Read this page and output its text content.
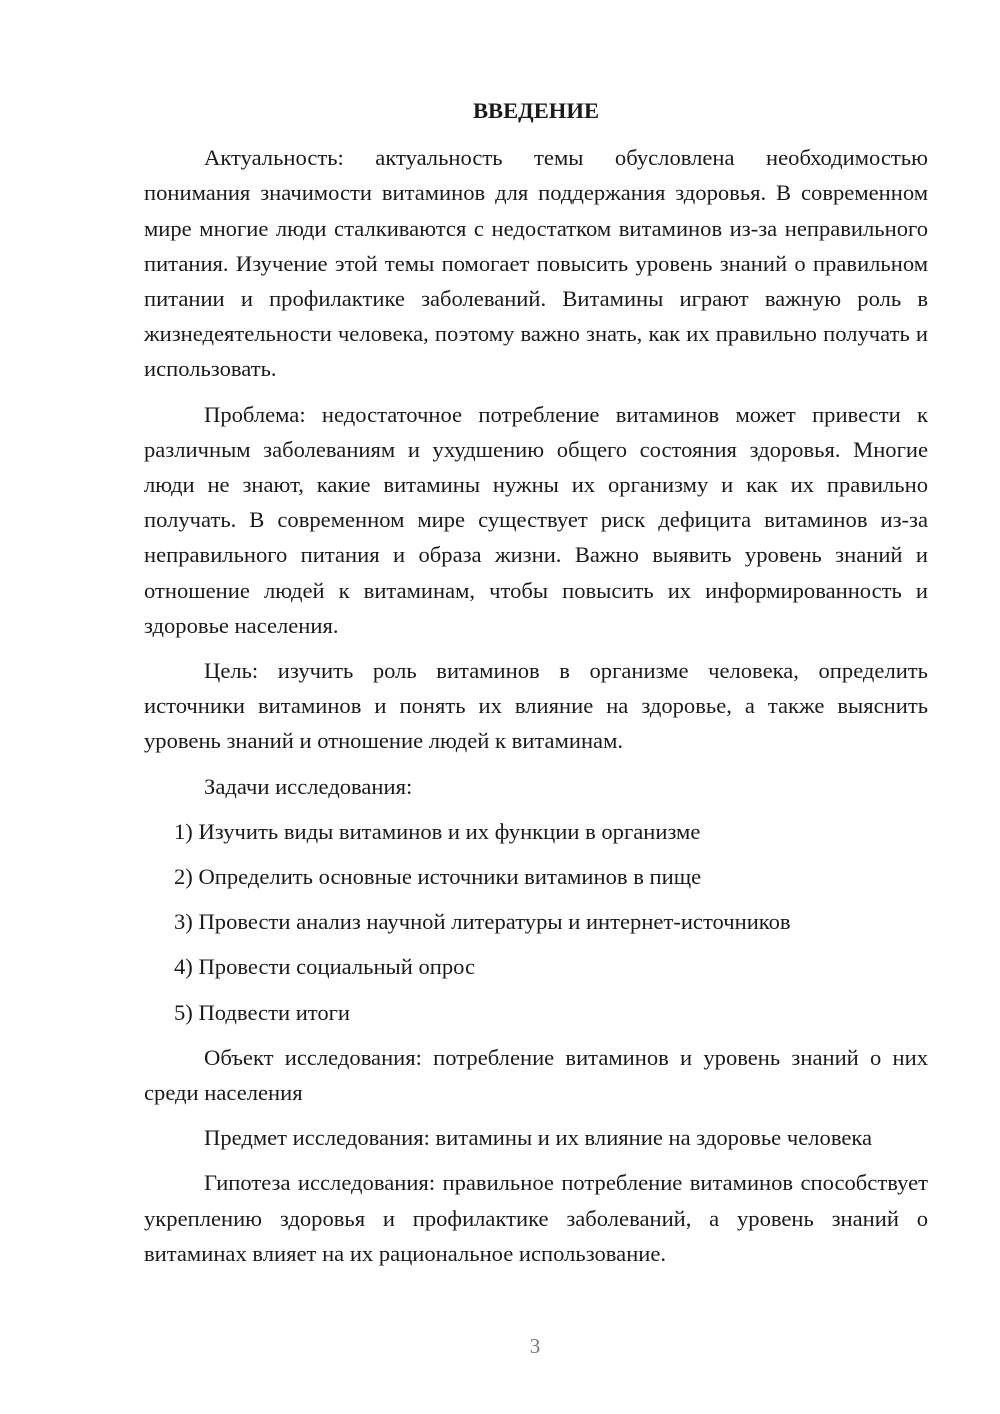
ВВЕДЕНИЕ

Актуальность: актуальность темы обусловлена необходимостью понимания значимости витаминов для поддержания здоровья. В современном мире многие люди сталкиваются с недостатком витаминов из-за неправильного питания. Изучение этой темы помогает повысить уровень знаний о правильном питании и профилактике заболеваний. Витамины играют важную роль в жизнедеятельности человека, поэтому важно знать, как их правильно получать и использовать.

Проблема: недостаточное потребление витаминов может привести к различным заболеваниям и ухудшению общего состояния здоровья. Многие люди не знают, какие витамины нужны их организму и как их правильно получать. В современном мире существует риск дефицита витаминов из-за неправильного питания и образа жизни. Важно выявить уровень знаний и отношение людей к витаминам, чтобы повысить их информированность и здоровье населения.

Цель: изучить роль витаминов в организме человека, определить источники витаминов и понять их влияние на здоровье, а также выяснить уровень знаний и отношение людей к витаминам.

Задачи исследования:

1) Изучить виды витаминов и их функции в организме
2) Определить основные источники витаминов в пище
3) Провести анализ научной литературы и интернет-источников
4) Провести социальный опрос
5) Подвести итоги

Объект исследования: потребление витаминов и уровень знаний о них среди населения

Предмет исследования: витамины и их влияние на здоровье человека

Гипотеза исследования: правильное потребление витаминов способствует укреплению здоровья и профилактике заболеваний, а уровень знаний о витаминах влияет на их рациональное использование.

3
